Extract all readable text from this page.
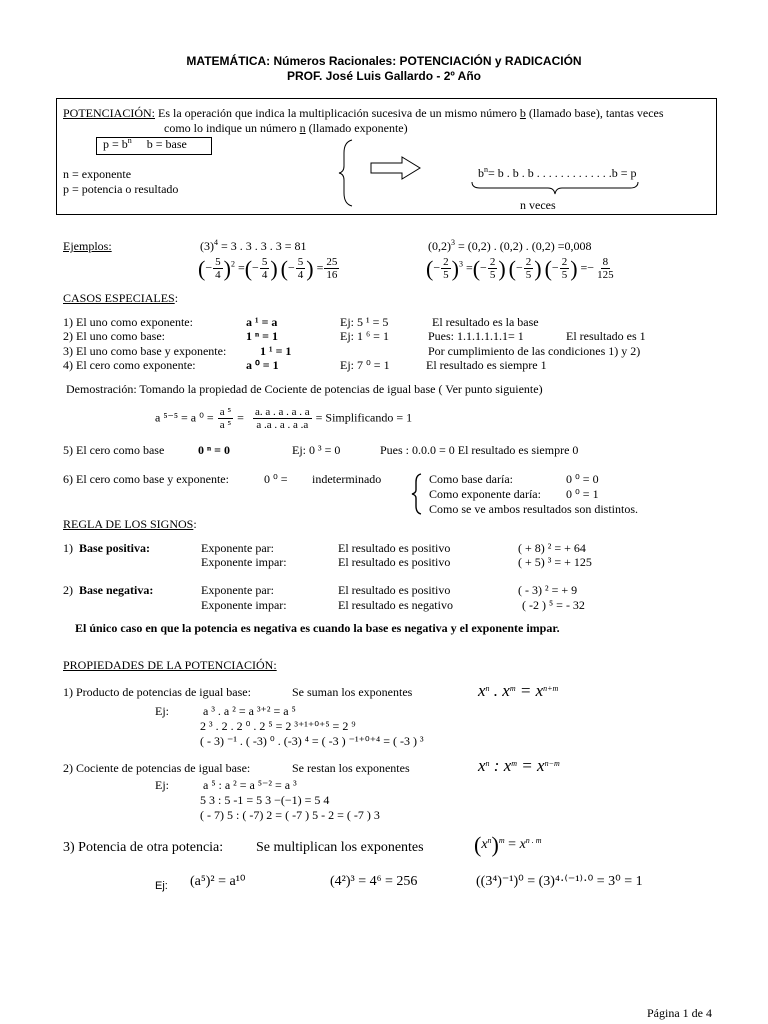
MATEMÁTICA: Números Racionales: POTENCIACIÓN y RADICACIÓN
PROF. José Luis Gallardo - 2º Año
POTENCIACIÓN: Es la operación que indica la multiplicación sucesiva de un mismo número b (llamado base), tantas veces
como lo indique un número n (llamado exponente)
$p = b^n$ b = base
n = exponente
p = potencia o resultado
$b^n= b$ . b . b . . . . . . . . . . . . .b = p
n veces
Ejemplos:	$(3)^4 = 3$ . 3 . 3 . 3 = 81	$(0,2)^3 = (0,2)$ . (0,2) . (0,2) =0,008
(− $\frac{5}{4} )^2$ =(− $\frac{5}{4}$ ) (− $\frac{5}{4}$ ) = $\frac{25}{16}$	(− $\frac{2}{5} )^3$ =(− $\frac{2}{5}$ ) (− $\frac{2}{5}$ ) (− $\frac{2}{5}$ ) =− $\frac{8}{125}$
CASOS ESPECIALES:
1) El uno como exponente:	a ¹ = a	Ej: 5 ¹ = 5	El resultado es la base
2) El uno como base:	1 ⁿ = 1	Ej: 1 ⁶ = 1	Pues: 1.1.1.1.1.1= 1	El resultado es 1
3) El uno como base y exponente:	1 ¹ = 1	Por cumplimiento de las condiciones 1) y 2)
4) El cero como exponente:	a ⁰ = 1	Ej: 7 ⁰ = 1	El resultado es siempre 1
Demostración: Tomando la propiedad de Cociente de potencias de igual base ( Ver punto siguiente)
a ⁵⁻⁵ = a $^0 = \frac{\text{a ⁵}}{\text{a ⁵}} = \frac{a. a . a . a . a}{a .a . a . a .a}$ = Simplificando = 1
5) El cero como base	0 ⁿ = 0	Ej: 0 ³ = 0	Pues : 0.0.0 = 0 El resultado es siempre 0
6) El cero como base y exponente:	0 ⁰ = indeterminado	Como base daría:	0 ⁰ = 0
Como exponente daría: 0 ⁰ = 1
Como se ve ambos resultados son distintos.
REGLA DE LOS SIGNOS:
1) Base positiva:	Exponente par:	El resultado es positivo	( + 8) ² = + 64
Exponente impar:	El resultado es positivo	( + 5) ³ = + 125
2) Base negativa:	Exponente par:	El resultado es positivo	( - 3) ² = + 9
Exponente impar:	El resultado es negativo	( -2 ) ⁵ = - 32
El único caso en que la potencia es negativa es cuando la base es negativa y el exponente impar.
PROPIEDADES DE LA POTENCIACIÓN:
1) Producto de potencias de igual base:	Se suman los exponentes	$x^n$ . $x^m = x^{n+m}$
Ej:	a ³ . a ² = a ³⁺² = a ⁵
2 ³ . 2 . 2 ⁰ . 2 ⁵ = 2 ³⁺¹⁺⁰⁺⁵ = 2 ⁹
( - 3) ⁻¹ . ( -3) ⁰ . (-3) ⁴ = ( -3 ) ⁻¹⁺⁰⁺⁴ = ( -3 ) ³
2) Cociente de potencias de igual base:	Se restan los exponentes	$x^n$ : $x^m = x^{n-m}$
Ej:	a ⁵ : a ² = a ⁵⁻² = a ³
5 3 : 5 -1 = 5 3 −(−1) = 5 4
( - 7) 5 : ( -7) 2 = ( -7 ) 5 - 2 = ( -7 ) 3
3) Potencia de otra potencia: Se multiplican los exponentes $(x^n)^m = x^{n . m}$
Ej: (a⁵)² = a¹⁰	(4²)³ = 4⁶ = 256	((3⁴)⁻¹)⁰ = (3)⁴·⁽⁻¹⁾·⁰ = 3⁰ = 1
Página 1 de 4
